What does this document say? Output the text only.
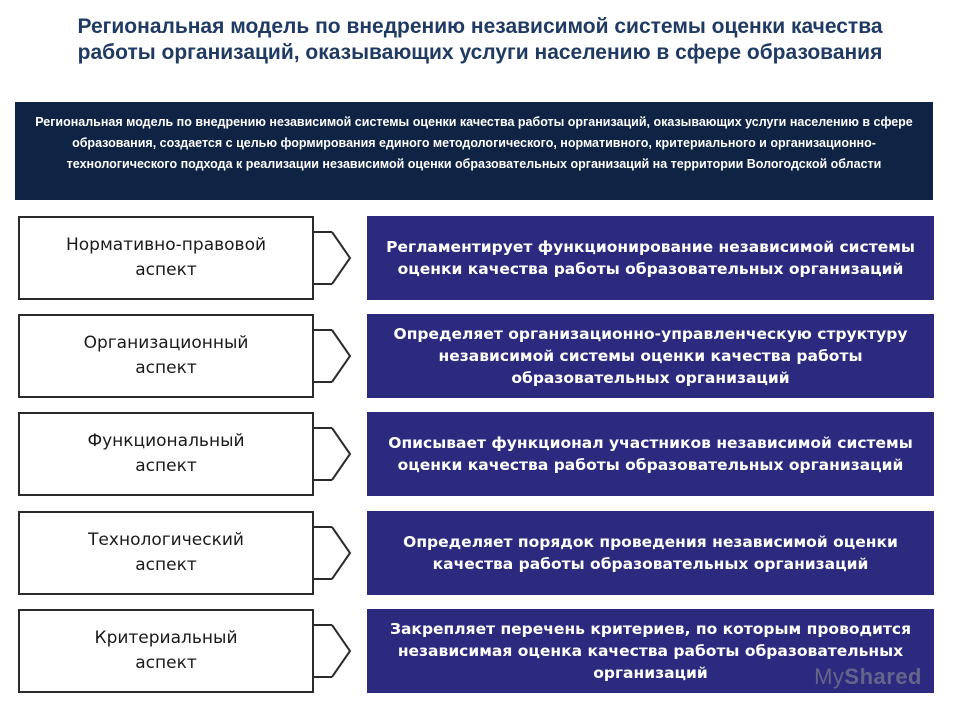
Региональная модель по внедрению независимой системы оценки качества работы организаций, оказывающих услуги населению в сфере образования
Региональная модель по внедрению независимой системы оценки качества работы организаций, оказывающих услуги населению в сфере образования, создается с целью формирования единого методологического, нормативного, критериального и организационно-технологического подхода к реализации независимой оценки образовательных организаций на территории Вологодской области
Нормативно-правовой
аспект
Регламентирует функционирование независимой системы оценки качества работы образовательных организаций
Организационный
аспект
Определяет организационно-управленческую структуру независимой системы оценки качества работы образовательных организаций
Функциональный
аспект
Описывает функционал участников независимой системы оценки качества работы образовательных организаций
Технологический
аспект
Определяет порядок проведения независимой оценки качества работы образовательных организаций
Критериальный
аспект
Закрепляет перечень критериев, по которым проводится независимая оценка качества работы образовательных организаций	MyShared
